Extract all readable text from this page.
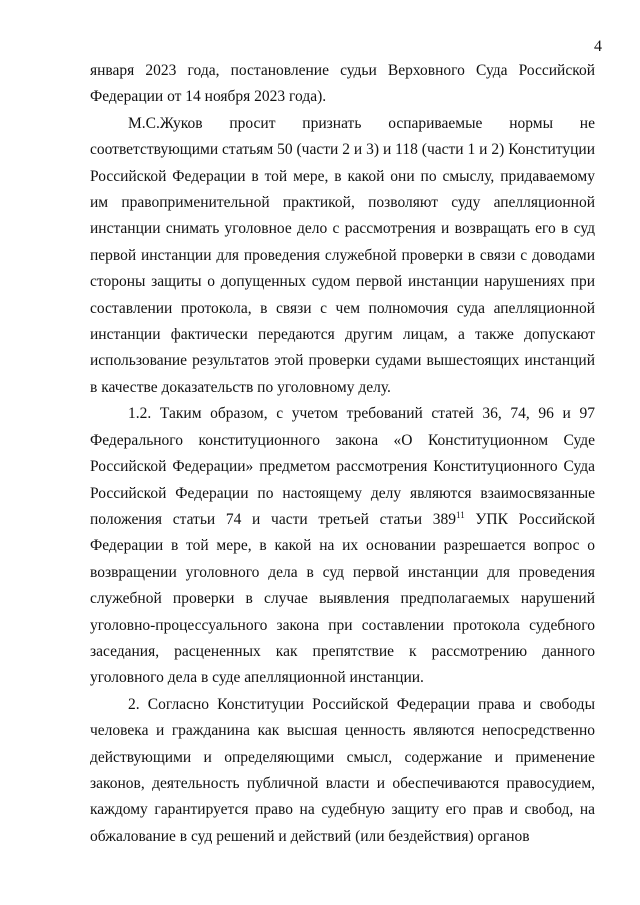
4

января 2023 года, постановление судьи Верховного Суда Российской Федерации от 14 ноября 2023 года).

М.С.Жуков просит признать оспариваемые нормы не соответствующими статьям 50 (части 2 и 3) и 118 (части 1 и 2) Конституции Российской Федерации в той мере, в какой они по смыслу, придаваемому им правоприменительной практикой, позволяют суду апелляционной инстанции снимать уголовное дело с рассмотрения и возвращать его в суд первой инстанции для проведения служебной проверки в связи с доводами стороны защиты о допущенных судом первой инстанции нарушениях при составлении протокола, в связи с чем полномочия суда апелляционной инстанции фактически передаются другим лицам, а также допускают использование результатов этой проверки судами вышестоящих инстанций в качестве доказательств по уголовному делу.

1.2. Таким образом, с учетом требований статей 36, 74, 96 и 97 Федерального конституционного закона «О Конституционном Суде Российской Федерации» предметом рассмотрения Конституционного Суда Российской Федерации по настоящему делу являются взаимосвязанные положения статьи 74 и части третьей статьи $389^{11}$ УПК Российской Федерации в той мере, в какой на их основании разрешается вопрос о возвращении уголовного дела в суд первой инстанции для проведения служебной проверки в случае выявления предполагаемых нарушений уголовно-процессуального закона при составлении протокола судебного заседания, расцененных как препятствие к рассмотрению данного уголовного дела в суде апелляционной инстанции.

2. Согласно Конституции Российской Федерации права и свободы человека и гражданина как высшая ценность являются непосредственно действующими и определяющими смысл, содержание и применение законов, деятельность публичной власти и обеспечиваются правосудием, каждому гарантируется право на судебную защиту его прав и свобод, на обжалование в суд решений и действий (или бездействия) органов
